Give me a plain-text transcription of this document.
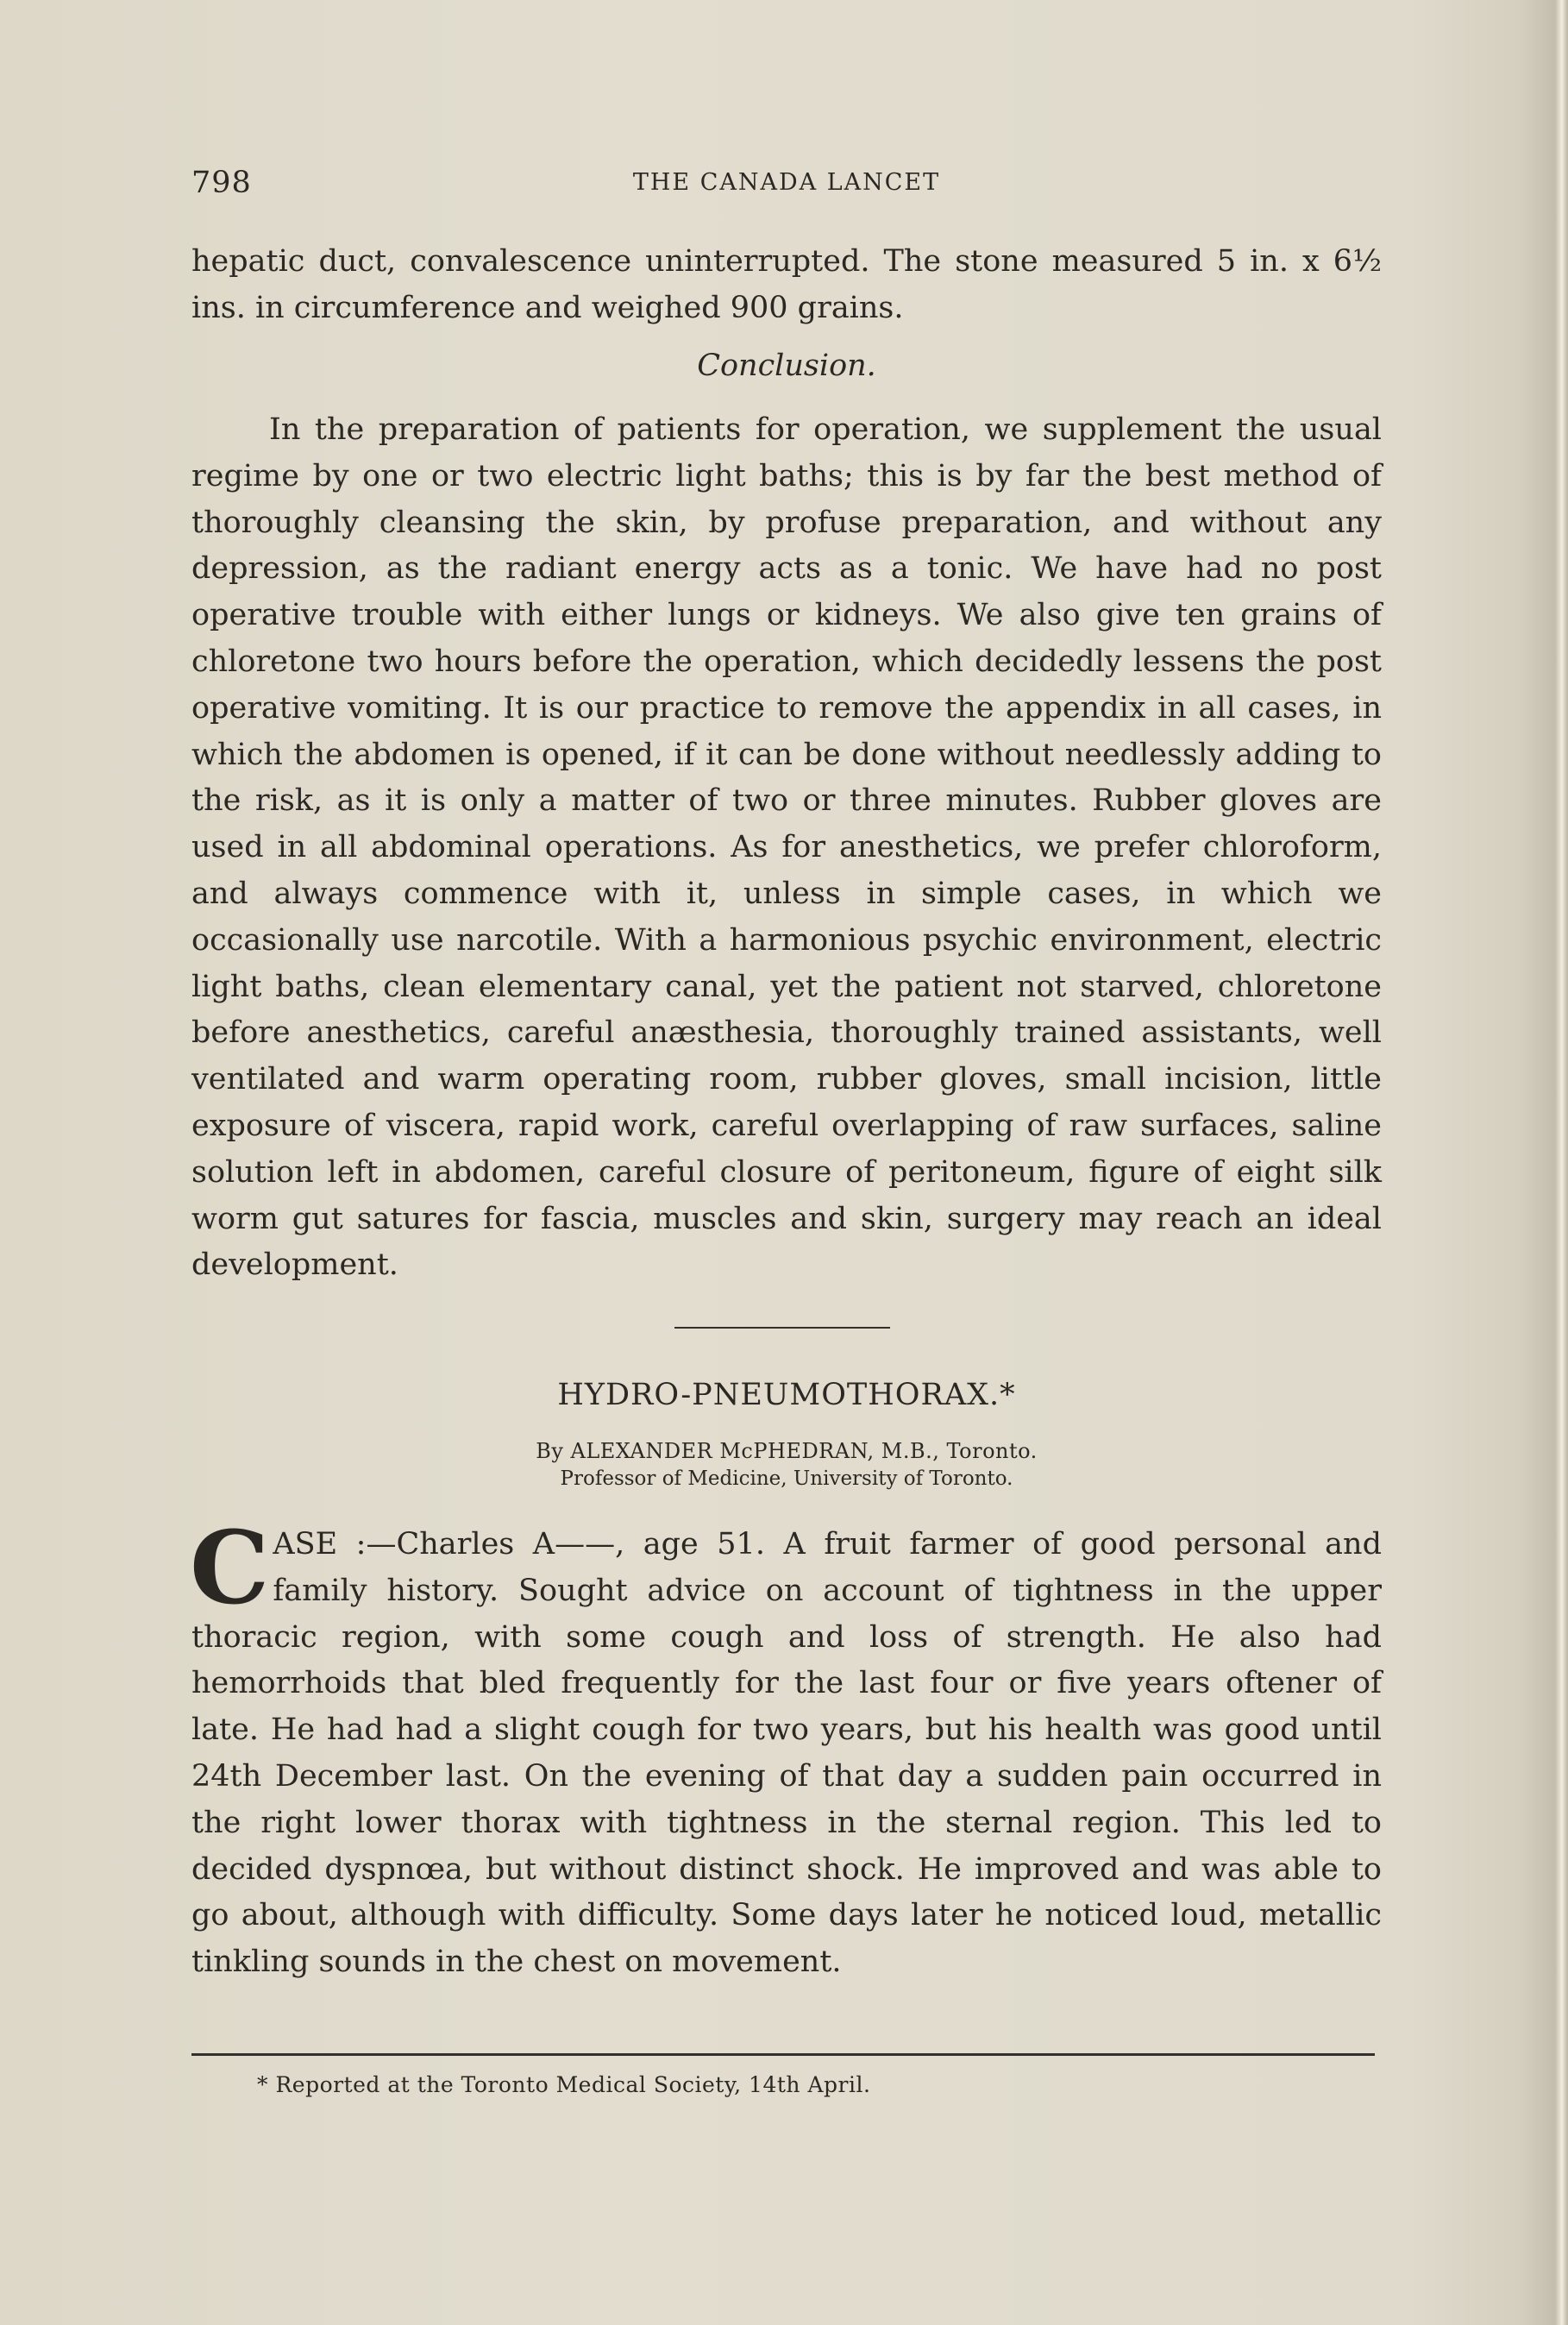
798	THE CANADA LANCET

hepatic duct, convalescence uninterrupted. The stone measured 5 in. x 6½ ins. in circumference and weighed 900 grains.

Conclusion.

In the preparation of patients for operation, we supplement the usual regime by one or two electric light baths; this is by far the best method of thoroughly cleansing the skin, by profuse preparation, and without any depression, as the radiant energy acts as a tonic. We have had no post operative trouble with either lungs or kidneys. We also give ten grains of chloretone two hours before the operation, which decidedly lessens the post operative vomiting. It is our practice to remove the appendix in all cases, in which the abdomen is opened, if it can be done without needlessly adding to the risk, as it is only a matter of two or three minutes. Rubber gloves are used in all abdominal operations. As for anesthetics, we prefer chloroform, and always commence with it, unless in simple cases, in which we occasionally use narcotile. With a harmonious psychic environment, electric light baths, clean elementary canal, yet the patient not starved, chloretone before anesthetics, careful anæsthesia, thoroughly trained assistants, well ventilated and warm operating room, rubber gloves, small incision, little exposure of viscera, rapid work, careful overlapping of raw surfaces, saline solution left in abdomen, careful closure of peritoneum, figure of eight silk worm gut satures for fascia, muscles and skin, surgery may reach an ideal development.

HYDRO-PNEUMOTHORAX.*
By ALEXANDER McPHEDRAN, M.B., Toronto.
Professor of Medicine, University of Toronto.
C ASE :—Charles A——, age 51. A fruit farmer of good personal and family history. Sought advice on account of tightness in the upper thoracic region, with some cough and loss of strength. He also had hemorrhoids that bled frequently for the last four or five years oftener of late. He had had a slight cough for two years, but his health was good until 24th December last. On the evening of that day a sudden pain occurred in the right lower thorax with tightness in the sternal region. This led to decided dyspnœa, but without distinct shock. He improved and was able to go about, although with difficulty. Some days later he noticed loud, metallic tinkling sounds in the chest on movement.

* Reported at the Toronto Medical Society, 14th April.
